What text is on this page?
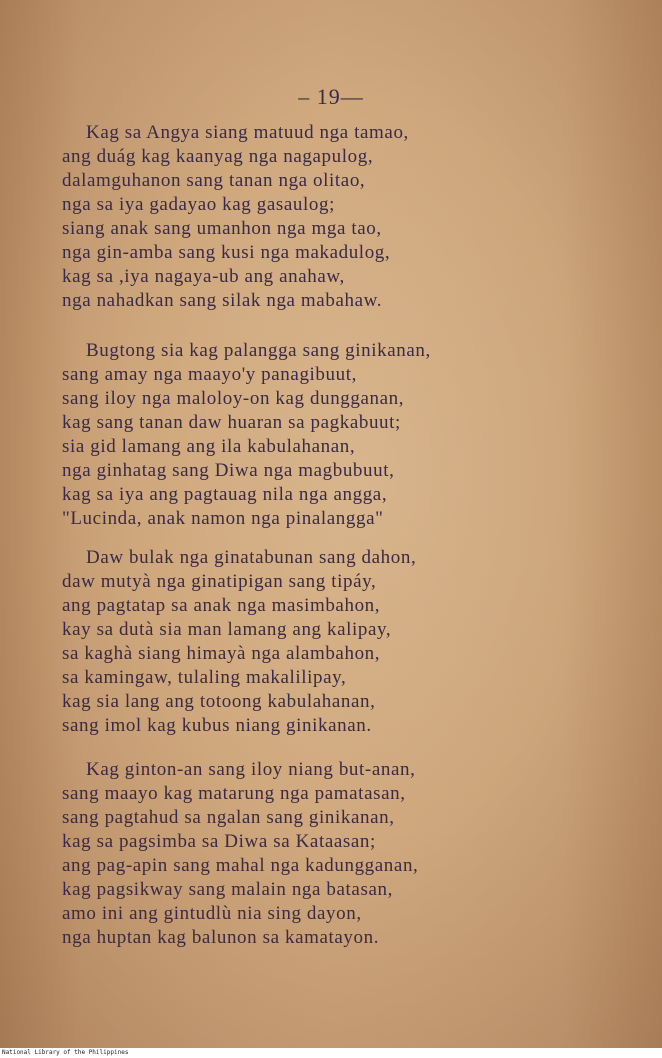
– 19—
Kag sa Angya siang matuud nga tamao,
ang duág kag kaanyag nga nagapulog,
dalamguhanon sang tanan nga olitao,
nga sa iya gadayao kag gasaulog;
siang anak sang umanhon nga mga tao,
nga gin-amba sang kusi nga makadulog,
kag sa ,iya nagaya-ub ang anahaw,
nga nahadkan sang silak nga mabahaw.
Bugtong sia kag palangga sang ginikanan,
sang amay nga maayo'y panagibuut,
sang iloy nga maloloy-on kag dungganan,
kag sang tanan daw huaran sa pagkabuut;
sia gid lamang ang ila kabulahanan,
nga ginhatag sang Diwa nga magbubuut,
kag sa iya ang pagtauag nila nga angga,
"Lucinda, anak namon nga pinalangga"
Daw bulak nga ginatabunan sang dahon,
daw mutyà nga ginatipigan sang tipáy,
ang pagtatap sa anak nga masimbahon,
kay sa dutà sia man lamang ang kalipay,
sa kaghà siang himayà nga alambahon,
sa kamingaw, tulaling makalilipay,
kag sia lang ang totoong kabulahanan,
sang imol kag kubus niang ginikanan.
Kag ginton-an sang iloy niang but-anan,
sang maayo kag matarung nga pamatasan,
sang pagtahud sa ngalan sang ginikanan,
kag sa pagsimba sa Diwa sa Kataasan;
ang pag-apin sang mahal nga kadungganan,
kag pagsikway sang malain nga batasan,
amo ini ang gintudlù nia sing dayon,
nga huptan kag balunon sa kamatayon.
National Library of the Philippines
